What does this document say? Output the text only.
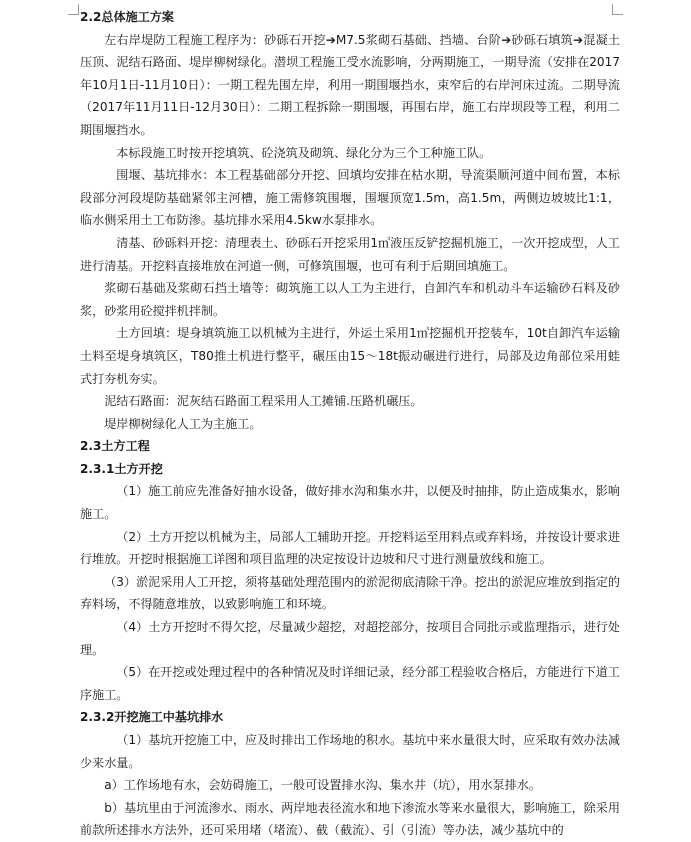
2.2总体施工方案

左右岸堤防工程施工程序为：砂砾石开挖➔M7.5浆砌石基础、挡墙、台阶➔砂砾石填筑➔混凝土压顶、泥结石路面、堤岸柳树绿化。潜坝工程施工受水流影响，分两期施工，一期导流（安排在2017年10月1日-11月10日）：一期工程先围左岸，利用一期围堰挡水，束窄后的右岸河床过流。二期导流（2017年11月11日-12月30日）：二期工程拆除一期围堰，再围右岸，施工右岸坝段等工程，利用二期围堰挡水。

本标段施工时按开挖填筑、砼浇筑及砌筑、绿化分为三个工种施工队。

围堰、基坑排水：本工程基础部分开挖、回填均安排在枯水期，导流渠顺河道中间布置，本标段部分河段堤防基础紧邻主河槽，施工需修筑围堰，围堰顶宽1.5m，高1.5m，两侧边坡坡比1:1，临水侧采用土工布防渗。基坑排水采用4.5kw水泵排水。

清基、砂砾料开挖：清理表土、砂砾石开挖采用1㎥液压反铲挖掘机施工，一次开挖成型，人工进行清基。开挖料直接堆放在河道一侧，可修筑围堰，也可有利于后期回填施工。

浆砌石基础及浆砌石挡土墙等：砌筑施工以人工为主进行，自卸汽车和机动斗车运输砂石料及砂浆，砂浆用砼搅拌机拌制。

土方回填：堤身填筑施工以机械为主进行，外运土采用1㎥挖掘机开挖装车，10t自卸汽车运输土料至堤身填筑区，T80推土机进行整平，碾压由15～18t振动碾进行进行，局部及边角部位采用蛙式打夯机夯实。

泥结石路面：泥灰结石路面工程采用人工摊铺.压路机碾压。

堤岸柳树绿化人工为主施工。

2.3土方工程

2.3.1土方开挖

（1）施工前应先准备好抽水设备，做好排水沟和集水井，以便及时抽排，防止造成集水，影响施工。

（2）土方开挖以机械为主，局部人工辅助开挖。开挖料运至用料点或弃料场，并按设计要求进行堆放。开挖时根据施工详图和项目监理的决定按设计边坡和尺寸进行测量放线和施工。

（3）淤泥采用人工开挖，须将基础处理范围内的淤泥彻底清除干净。挖出的淤泥应堆放到指定的弃料场，不得随意堆放，以致影响施工和环境。

（4）土方开挖时不得欠挖，尽量减少超挖，对超挖部分，按项目合同批示或监理指示，进行处理。

（5）在开挖或处理过程中的各种情况及时详细记录，经分部工程验收合格后，方能进行下道工序施工。

2.3.2开挖施工中基坑排水

（1）基坑开挖施工中，应及时排出工作场地的积水。基坑中来水量很大时，应采取有效办法减少来水量。

a）工作场地有水，会妨碍施工，一般可设置排水沟、集水井（坑），用水泵排水。

b）基坑里由于河流渗水、雨水、两岸地表径流水和地下渗流水等来水量很大，影响施工，除采用前款所述排水方法外，还可采用堵（堵流）、截（截流）、引（引流）等办法，减少基坑中的
